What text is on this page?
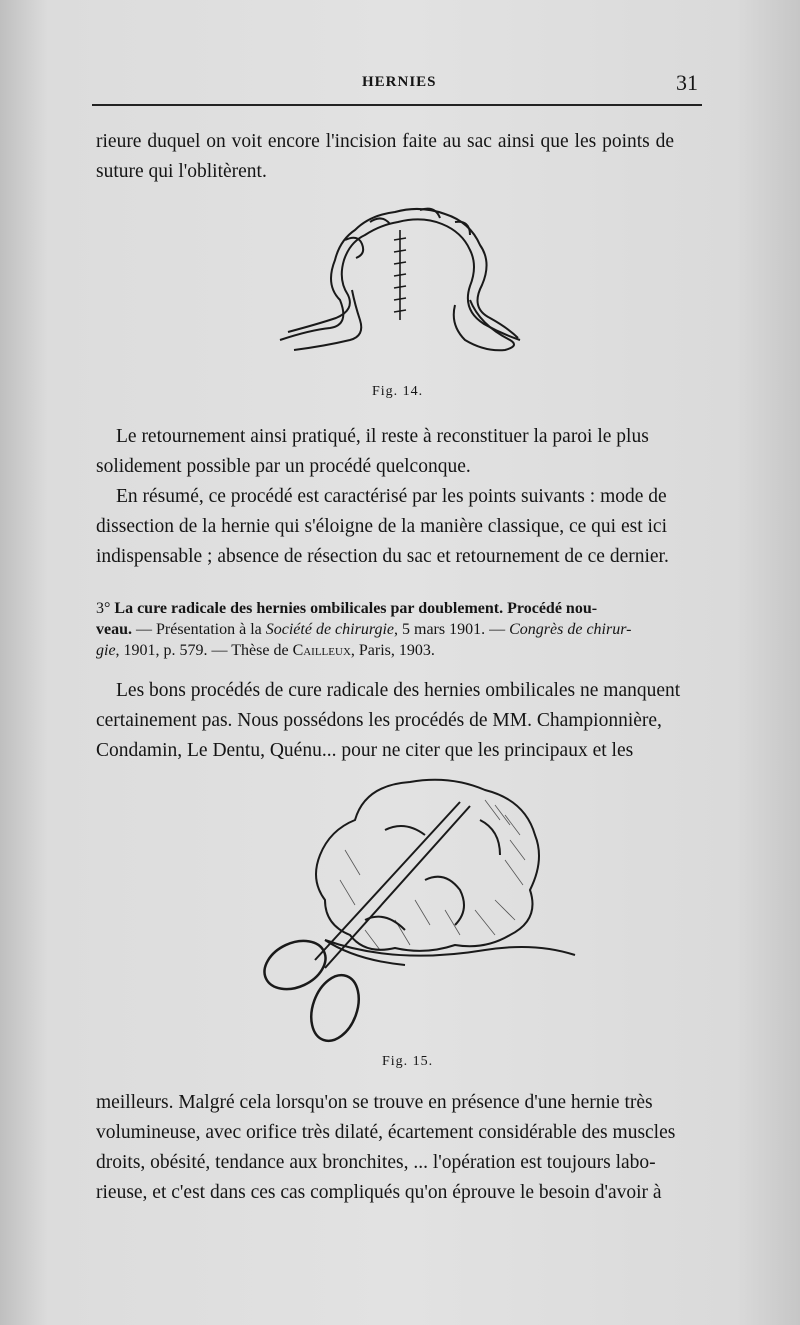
HERNIES	31

rieure duquel on voit encore l'incision faite au sac ainsi que les points de
suture qui l'oblitèrent.

Fig. 14.

Le retournement ainsi pratiqué, il reste à reconstituer la paroi le plus
solidement possible par un procédé quelconque.

En résumé, ce procédé est caractérisé par les points suivants : mode de
dissection de la hernie qui s'éloigne de la manière classique, ce qui est ici
indispensable ; absence de résection du sac et retournement de ce dernier.

3° La cure radicale des hernies ombilicales par doublement. Procédé nou-
veau. — Présentation à la Société de chirurgie, 5 mars 1901. — Congrès de chirur-
gie, 1901, p. 579. — Thèse de Cailleux, Paris, 1903.

Les bons procédés de cure radicale des hernies ombilicales ne manquent
certainement pas. Nous possédons les procédés de MM. Championnière,
Condamin, Le Dentu, Quénu... pour ne citer que les principaux et les

Fig. 15.

meilleurs. Malgré cela lorsqu'on se trouve en présence d'une hernie très
volumineuse, avec orifice très dilaté, écartement considérable des muscles
droits, obésité, tendance aux bronchites, ... l'opération est toujours labo-
rieuse, et c'est dans ces cas compliqués qu'on éprouve le besoin d'avoir à
